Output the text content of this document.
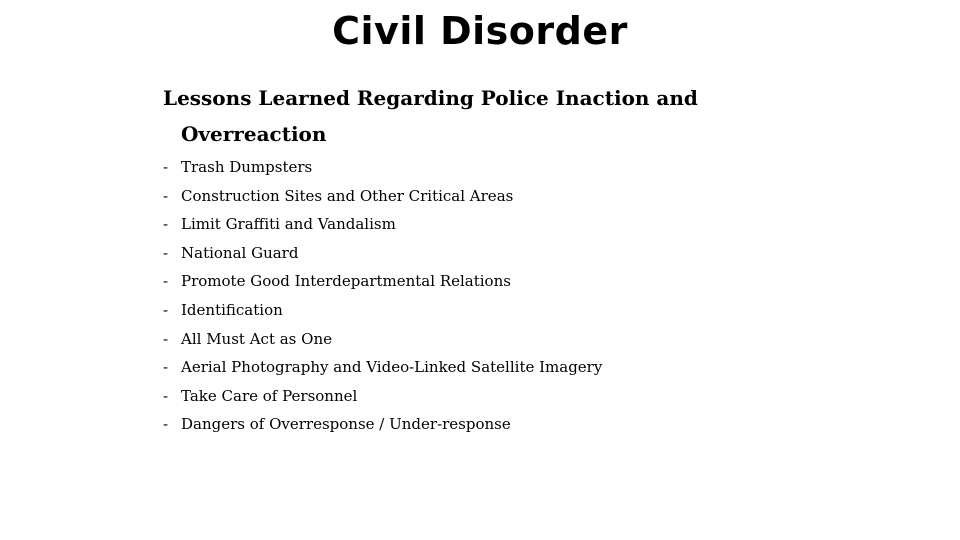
Civil Disorder
Lessons Learned Regarding Police Inaction and
Overreaction
- Trash Dumpsters
- Construction Sites and Other Critical Areas
- Limit Graffiti and Vandalism
- National Guard
- Promote Good Interdepartmental Relations
- Identification
- All Must Act as One
- Aerial Photography and Video-Linked Satellite Imagery
- Take Care of Personnel
- Dangers of Overresponse / Under-response
